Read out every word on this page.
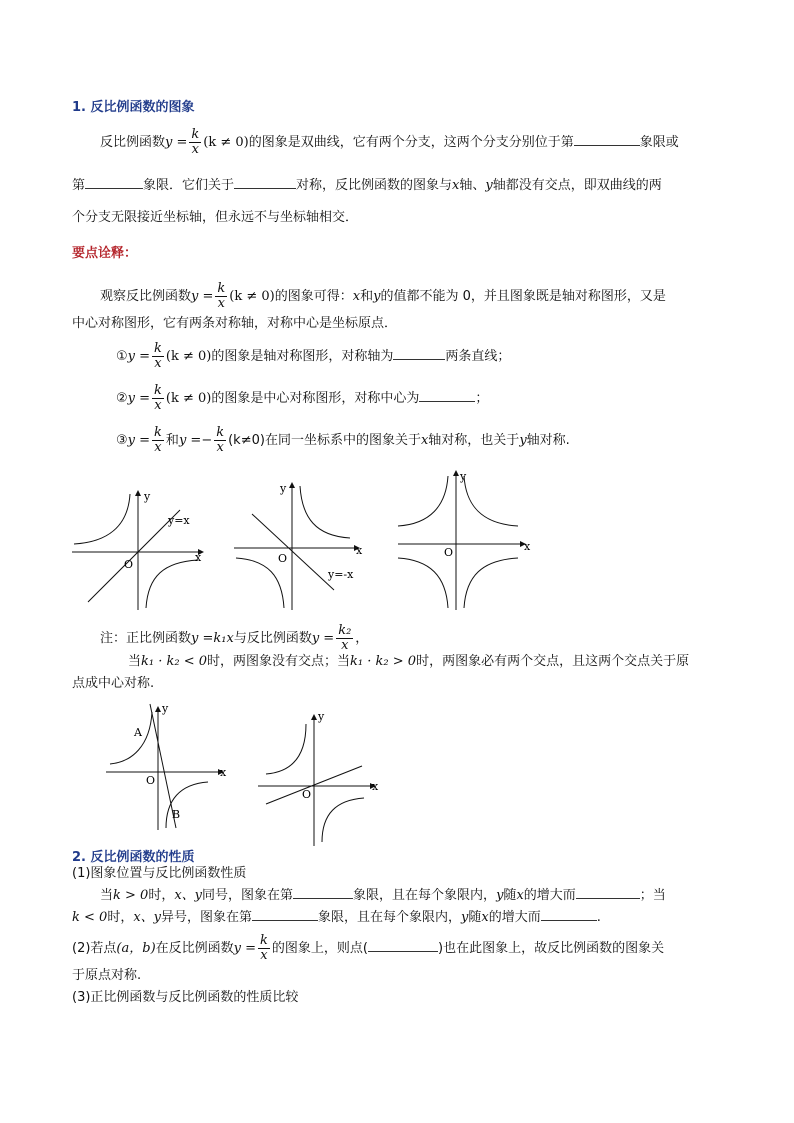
1. 反比例函数的图象
反比例函数$y = \frac{k}{x} (k \ne 0)$的图象是双曲线，它有两个分支，这两个分支分别位于第	象限或
第	象限．它们关于	对称，反比例函数的图象与x轴、y轴都没有交点，即双曲线的两
个分支无限接近坐标轴，但永远不与坐标轴相交．
要点诠释：
观察反比例函数$y = \frac{k}{x} (k \ne 0)$的图象可得：x和y的值都不能为 0，并且图象既是轴对称图形，又是
中心对称图形，它有两条对称轴，对称中心是坐标原点．
①y = $\frac{k}{x} (k \ne 0)$的图象是轴对称图形，对称轴为	两条直线；
②y = $\frac{k}{x} (k \ne 0)$的图象是中心对称图形，对称中心为	；
③y = $\frac{k}{x}$ 和$y =- \frac{k}{x} (k\ne 0)$在同一坐标系中的图象关于x轴对称，也关于y轴对称.
y
x
O
y=x
y
x
O
y=-x
y
x
O
注：正比例函数y =k₁x与反比例函数$y = \frac{\text{k₂}}{x}$ ，
当k₁ · k₂ < 0时，两图象没有交点；当k₁ · k₂ > 0时，两图象必有两个交点，且这两个交点关于原
点成中心对称.
y
x
O
A
B
y
x
O
2. 反比例函数的性质
(1)图象位置与反比例函数性质
当k > 0时，x、y同号，图象在第	象限，且在每个象限内，y随x的增大而	；当
k < 0时，x、y异号，图象在第	象限，且在每个象限内，y随x的增大而	.
(2)若点(a，b)在反比例函数$y = \frac{k}{x}$ 的图象上，则点(	)也在此图象上，故反比例函数的图象关
于原点对称.
(3)正比例函数与反比例函数的性质比较
